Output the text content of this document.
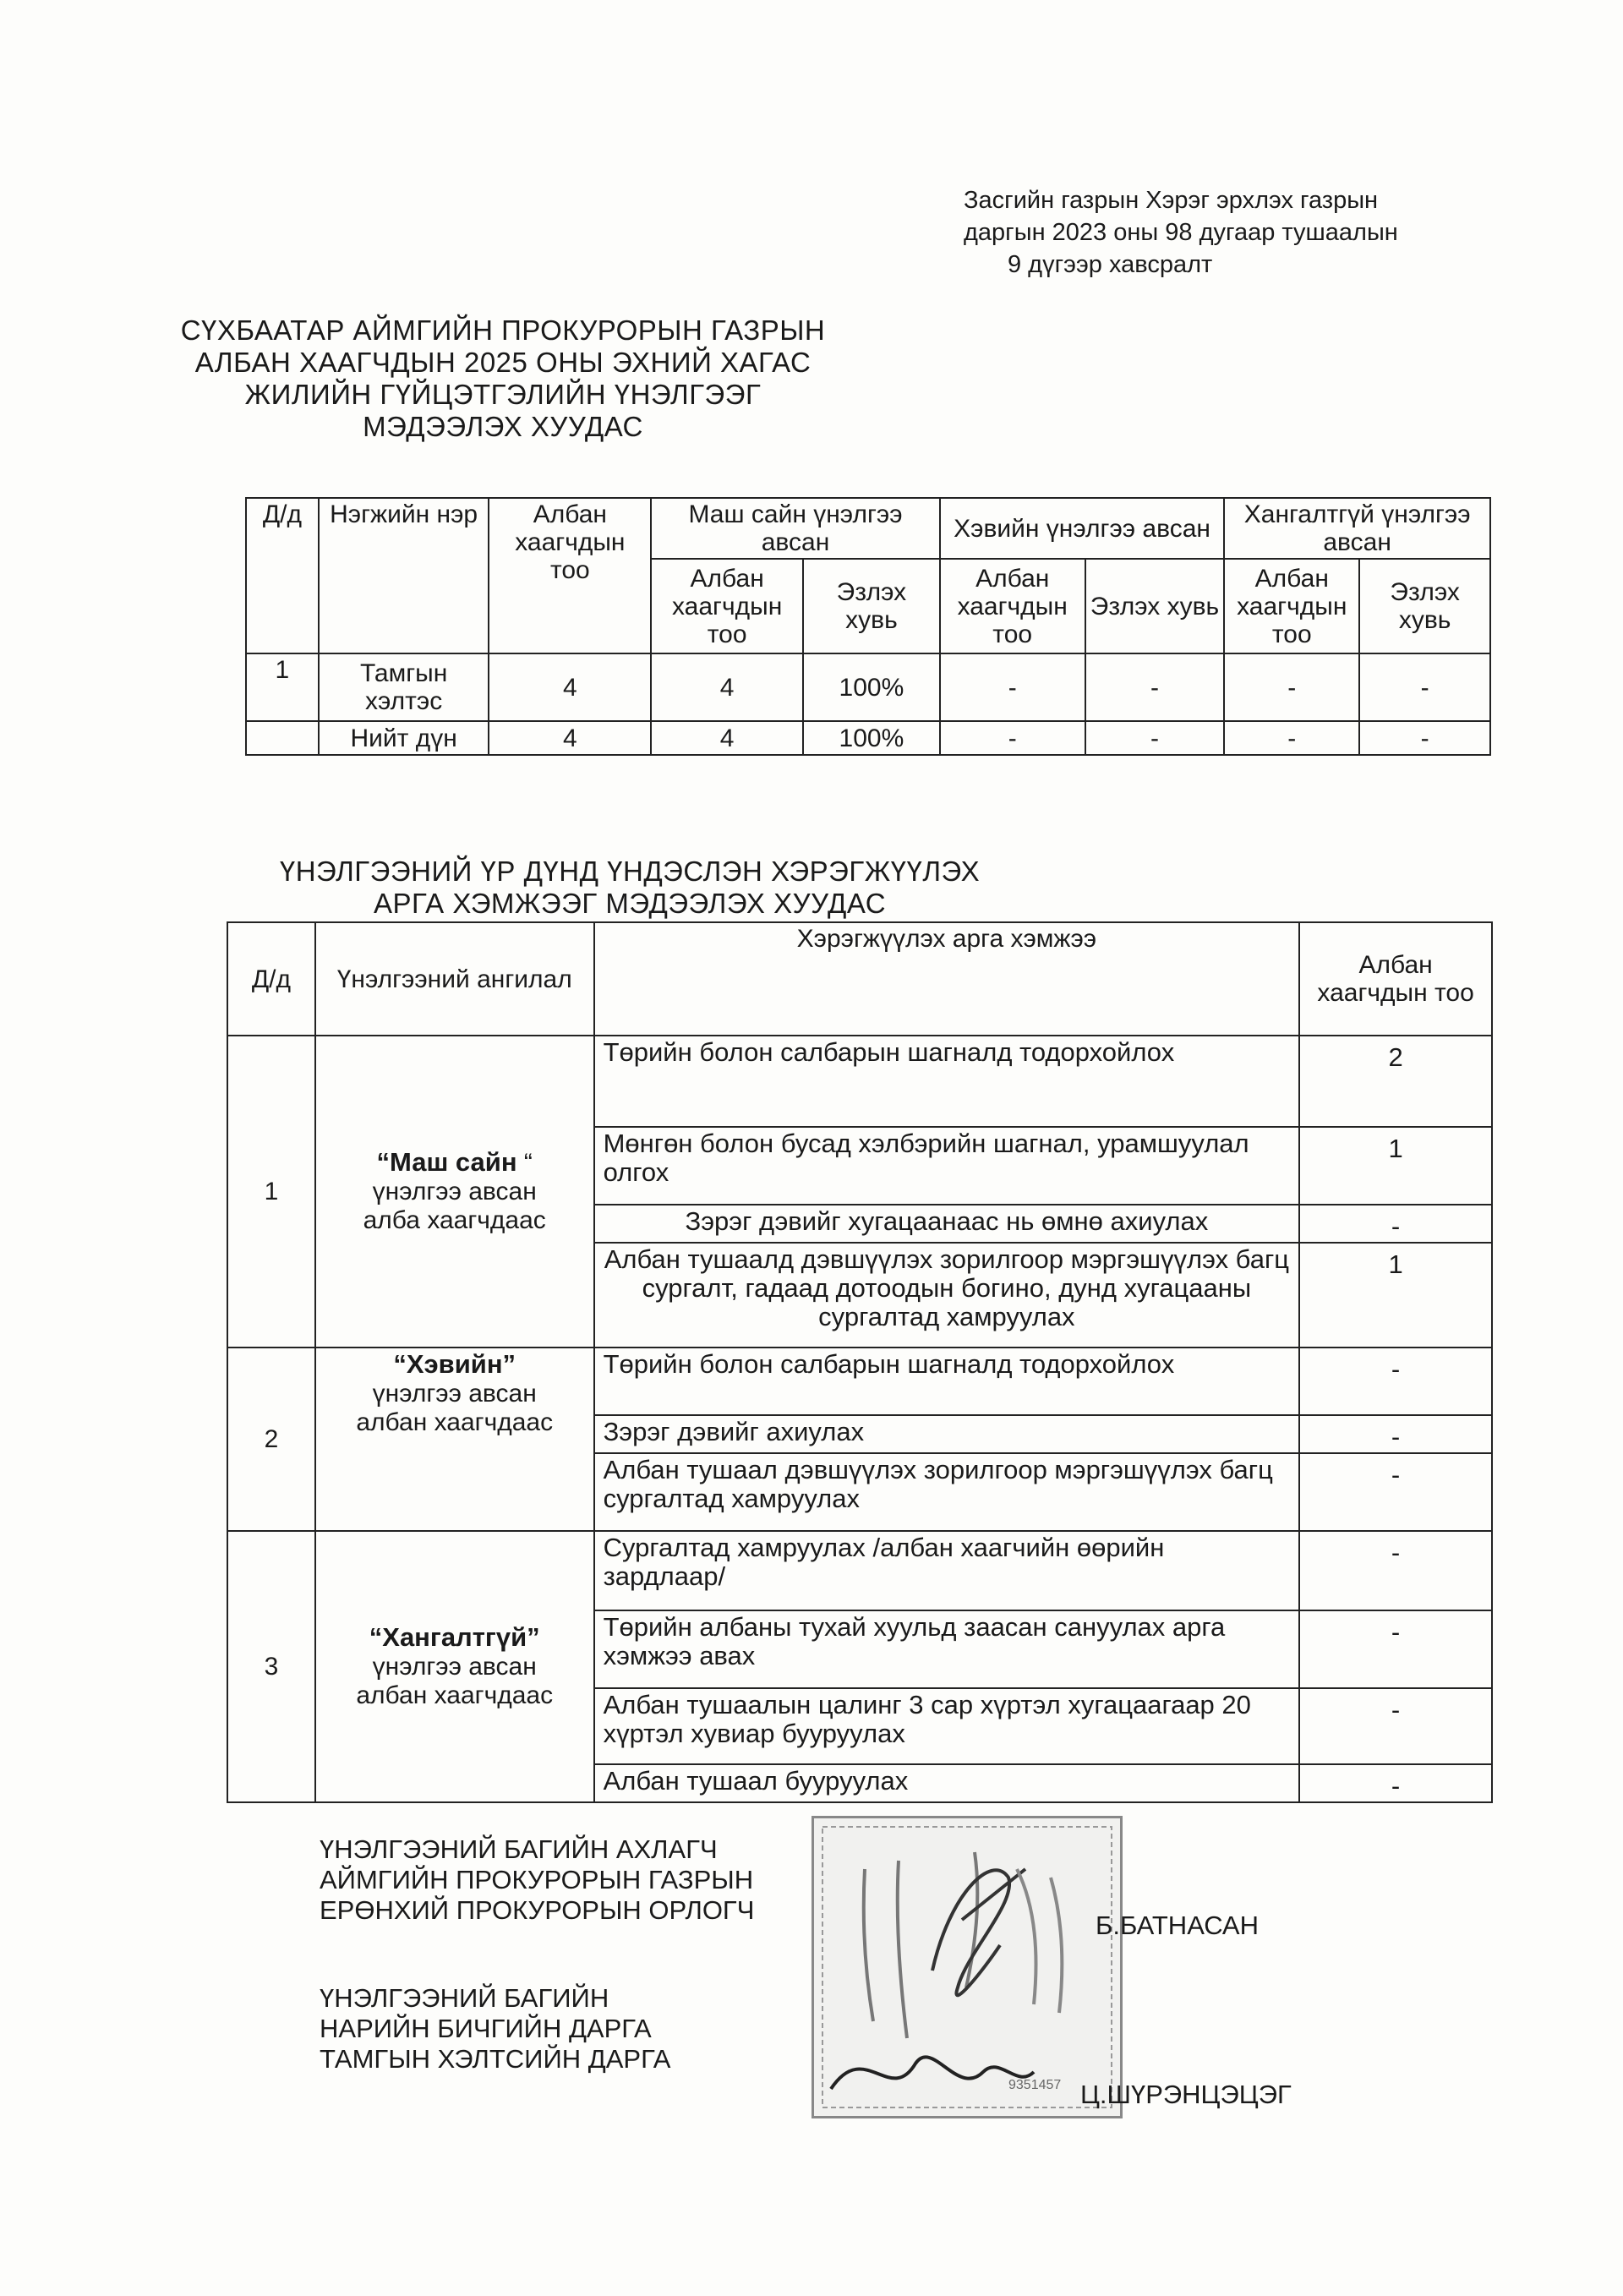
Засгийн газрын Хэрэг эрхлэх газрын
даргын 2023 оны 98 дугаар тушаалын
9 дүгээр хавсралт
СҮХБААТАР АЙМГИЙН ПРОКУРОРЫН ГАЗРЫН
АЛБАН ХААГЧДЫН 2025 ОНЫ ЭХНИЙ ХАГАС
ЖИЛИЙН ГҮЙЦЭТГЭЛИЙН ҮНЭЛГЭЭГ
МЭДЭЭЛЭХ ХУУДАС
Д/д	Нэгжийн нэр	Албан хаагчдын тоо	Маш сайн үнэлгээ авсан		Хэвийн үнэлгээ авсан		Хангалтгүй үнэлгээ авсан	
			Албан хаагчдын тоо	Эзлэх хувь	Албан хаагчдын тоо	Эзлэх хувь	Албан хаагчдын тоо	Эзлэх хувь
1	Тамгын хэлтэс	4	4	100%	-	-	-	-
	Нийт дүн	4	4	100%	-	-	-	-
ҮНЭЛГЭЭНИЙ ҮР ДҮНД ҮНДЭСЛЭН ХЭРЭГЖҮҮЛЭХ
АРГА ХЭМЖЭЭГ МЭДЭЭЛЭХ ХУУДАС
Д/д	Үнэлгээний ангилал	Хэрэгжүүлэх арга хэмжээ	Албан хаагчдын тоо
1	“Маш сайн “
үнэлгээ авсан
алба хаагчдаас	Төрийн болон салбарын шагналд тодорхойлох	2
		Мөнгөн болон бусад хэлбэрийн шагнал, урамшуулал олгох	1
		Зэрэг дэвийг хугацаанаас нь өмнө ахиулах	-
		Албан тушаалд дэвшүүлэх зорилгоор мэргэшүүлэх багц сургалт, гадаад дотоодын богино, дунд хугацааны сургалтад хамруулах	1
2	“Хэвийн”
үнэлгээ авсан
албан хаагчдаас	Төрийн болон салбарын шагналд тодорхойлох	-
		Зэрэг дэвийг ахиулах	-
		Албан тушаал дэвшүүлэх зорилгоор мэргэшүүлэх багц сургалтад хамруулах	-
3	“Хангалтгүй”
үнэлгээ авсан
албан хаагчдаас	Сургалтад хамруулах /албан хаагчийн өөрийн зардлаар/	-
		Төрийн албаны тухай хуульд заасан сануулах арга хэмжээ авах	-
		Албан тушаалын цалинг 3 сар хүртэл хугацаагаар 20 хүртэл хувиар бууруулах	-
		Албан тушаал бууруулах	-
9351457
ҮНЭЛГЭЭНИЙ БАГИЙН АХЛАГЧ
АЙМГИЙН ПРОКУРОРЫН ГАЗРЫН
ЕРӨНХИЙ ПРОКУРОРЫН ОРЛОГЧ
Б.БАТНАСАН
ҮНЭЛГЭЭНИЙ БАГИЙН
НАРИЙН БИЧГИЙН ДАРГА
ТАМГЫН ХЭЛТСИЙН ДАРГА
Ц.ШҮРЭНЦЭЦЭГ
